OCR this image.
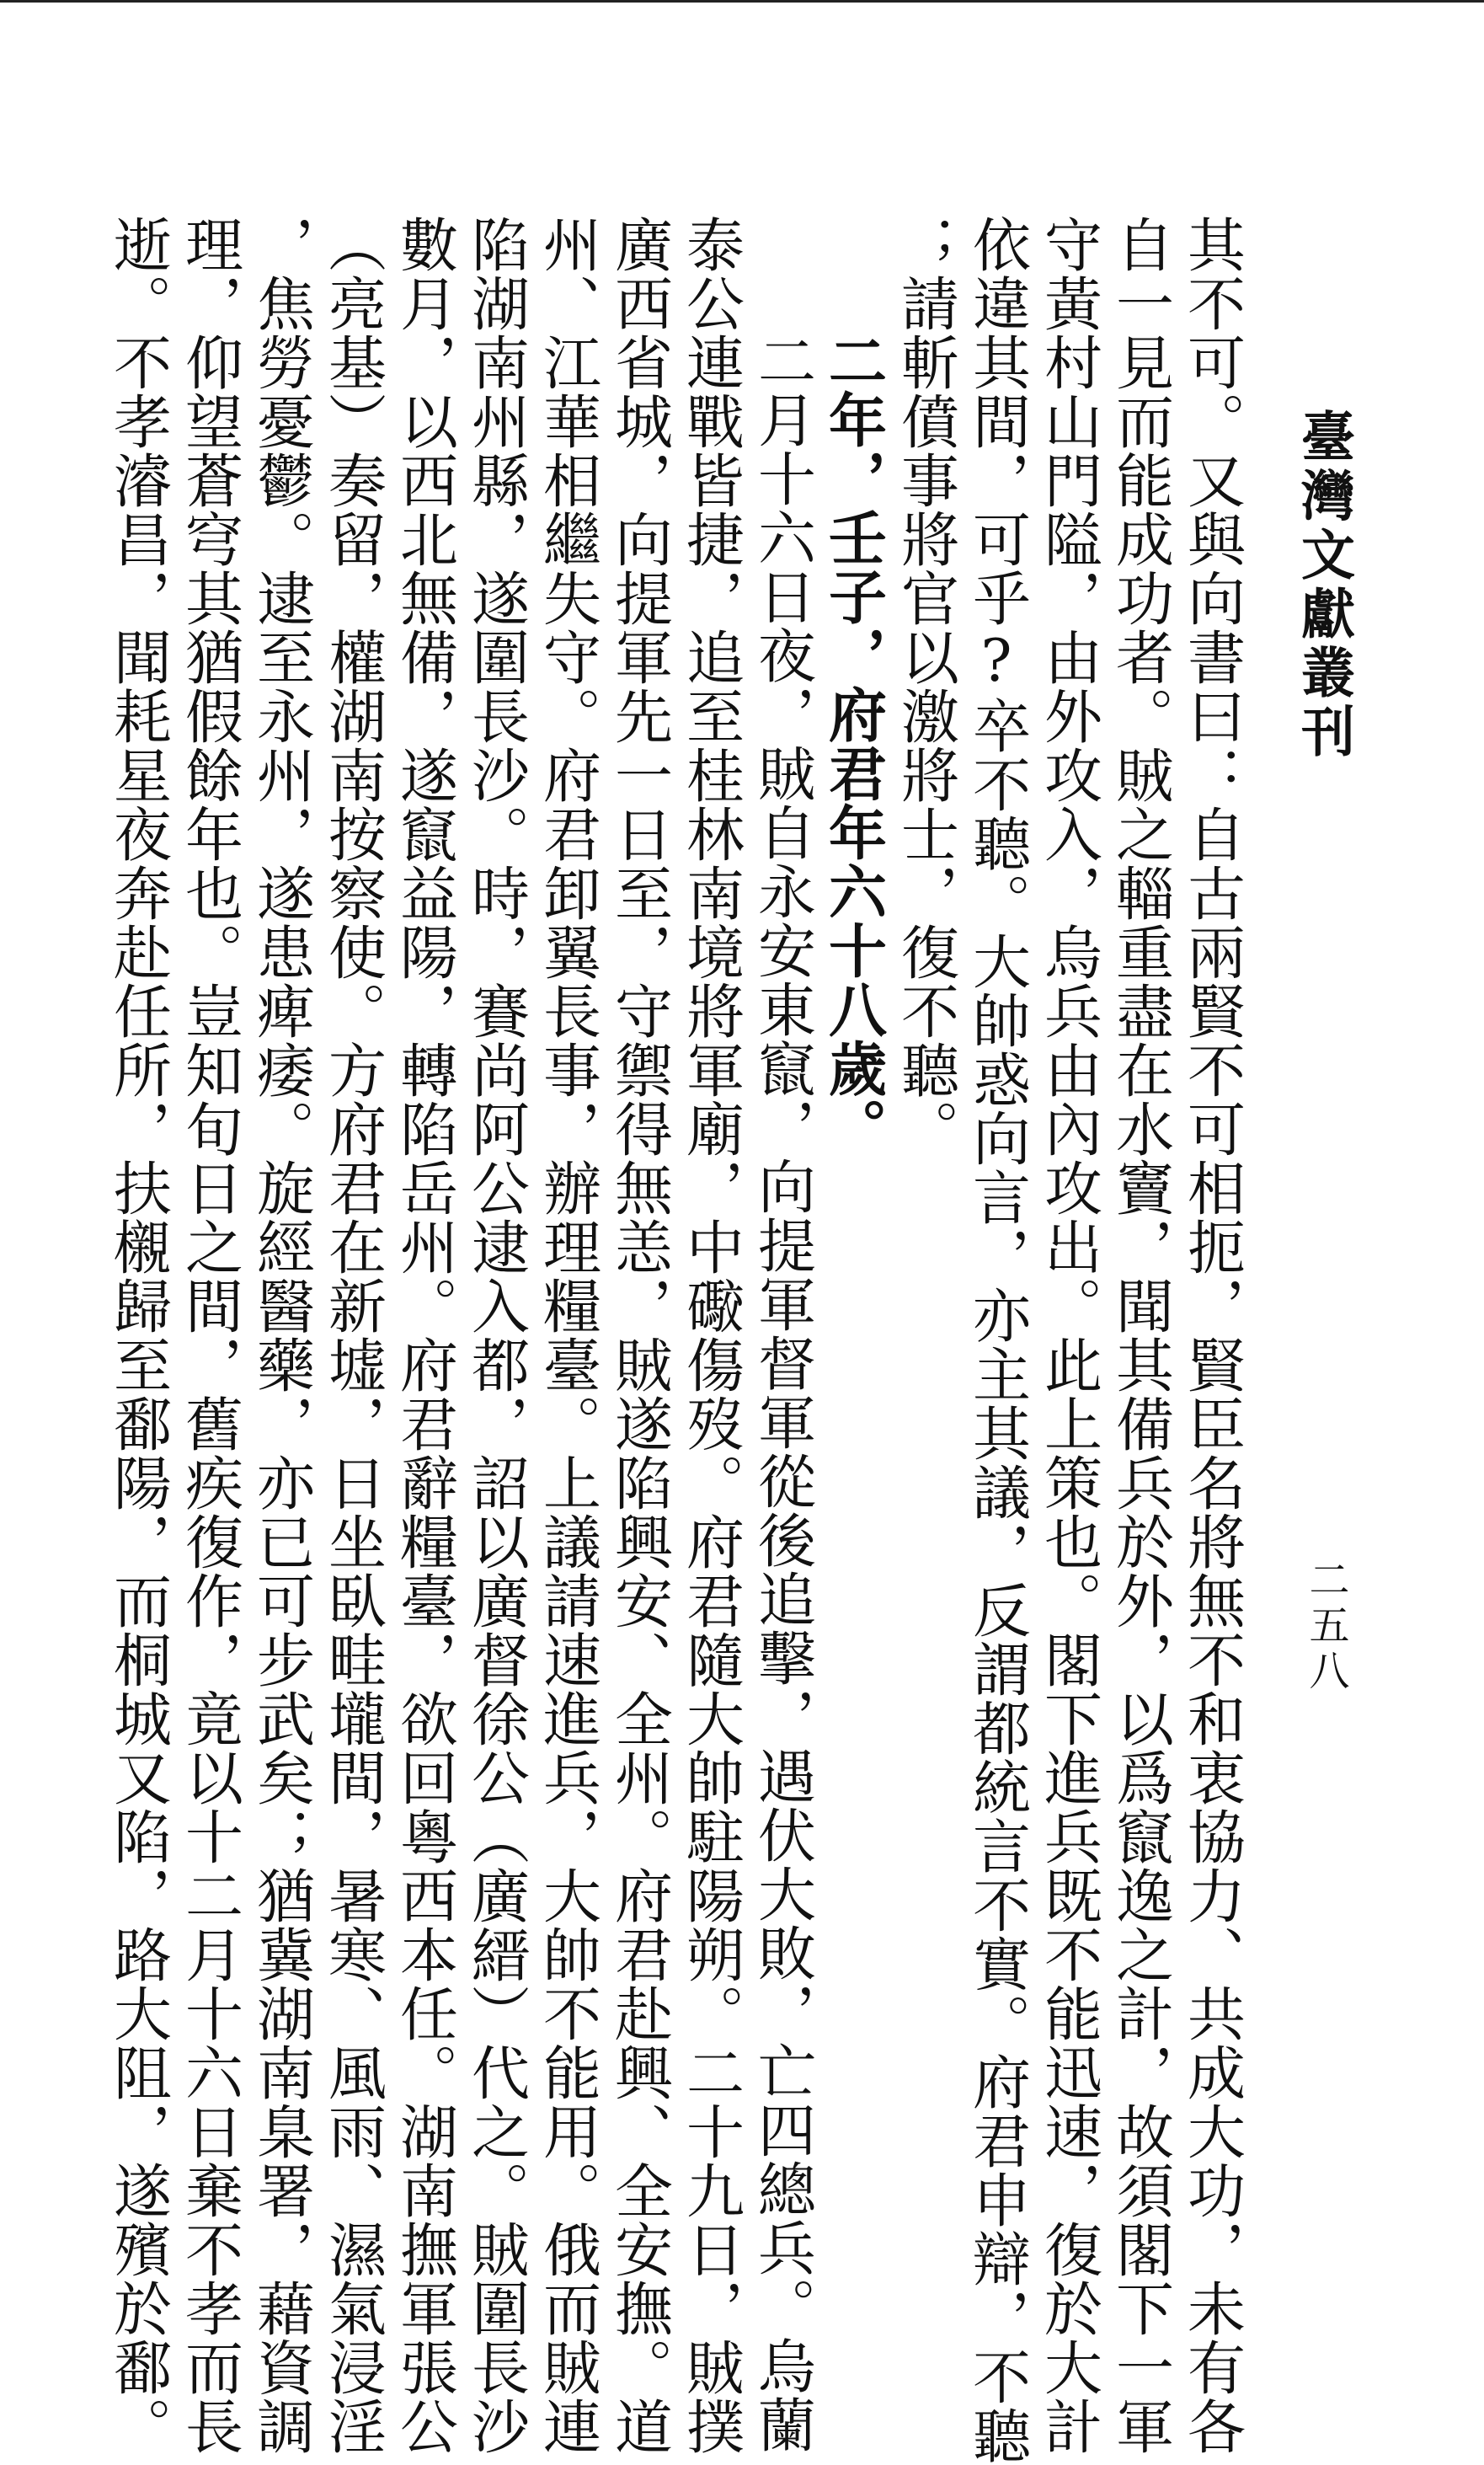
臺灣文獻叢刊
二五八

其不可。又與向書曰：自古兩賢不可相扼，賢臣名將無不和衷協力、共成大功，未有各

自一見而能成功者。賊之輜重盡在水竇，聞其備兵於外，以爲竄逸之計，故須閣下一軍

守黃村山門隘，由外攻入，烏兵由內攻出。此上策也。閣下進兵既不能迅速，復於大計

依違其間，可乎?卒不聽。大帥惑向言，亦主其議，反謂都統言不實。府君申辯，不聽

；請斬僨事將官以激將士，復不聽。

二年，壬子，府君年六十八歲。

二月十六日夜，賊自永安東竄，向提軍督軍從後追擊，遇伏大敗，亡四總兵。烏蘭

泰公連戰皆捷，追至桂林南境將軍廟，中礮傷歿。府君隨大帥駐陽朔。二十九日，賊撲

廣西省城，向提軍先一日至，守禦得無恙，賊遂陷興安、全州。府君赴興、全安撫。道

州、江華相繼失守。府君卸翼長事，辦理糧臺。上議請速進兵，大帥不能用。俄而賊連

陷湖南州縣，遂圍長沙。時，賽尚阿公逮入都，詔以廣督徐公（廣縉）代之。賊圍長沙

數月，以西北無備，遂竄益陽，轉陷岳州。府君辭糧臺，欲回粵西本任。湖南撫軍張公

（亮基）奏留，權湖南按察使。方府君在新墟，日坐臥畦壠間，暑寒、風雨、濕氣浸淫

，焦勞憂鬱。逮至永州，遂患痺痿。旋經醫藥，亦已可步武矣；猶冀湖南臬署，藉資調

理，仰望蒼穹其猶假餘年也。豈知旬日之間，舊疾復作，竟以十二月十六日棄不孝而長

逝。不孝濬昌，聞耗星夜奔赴任所，扶櫬歸至鄱陽，而桐城又陷，路大阻，遂殯於鄱。
